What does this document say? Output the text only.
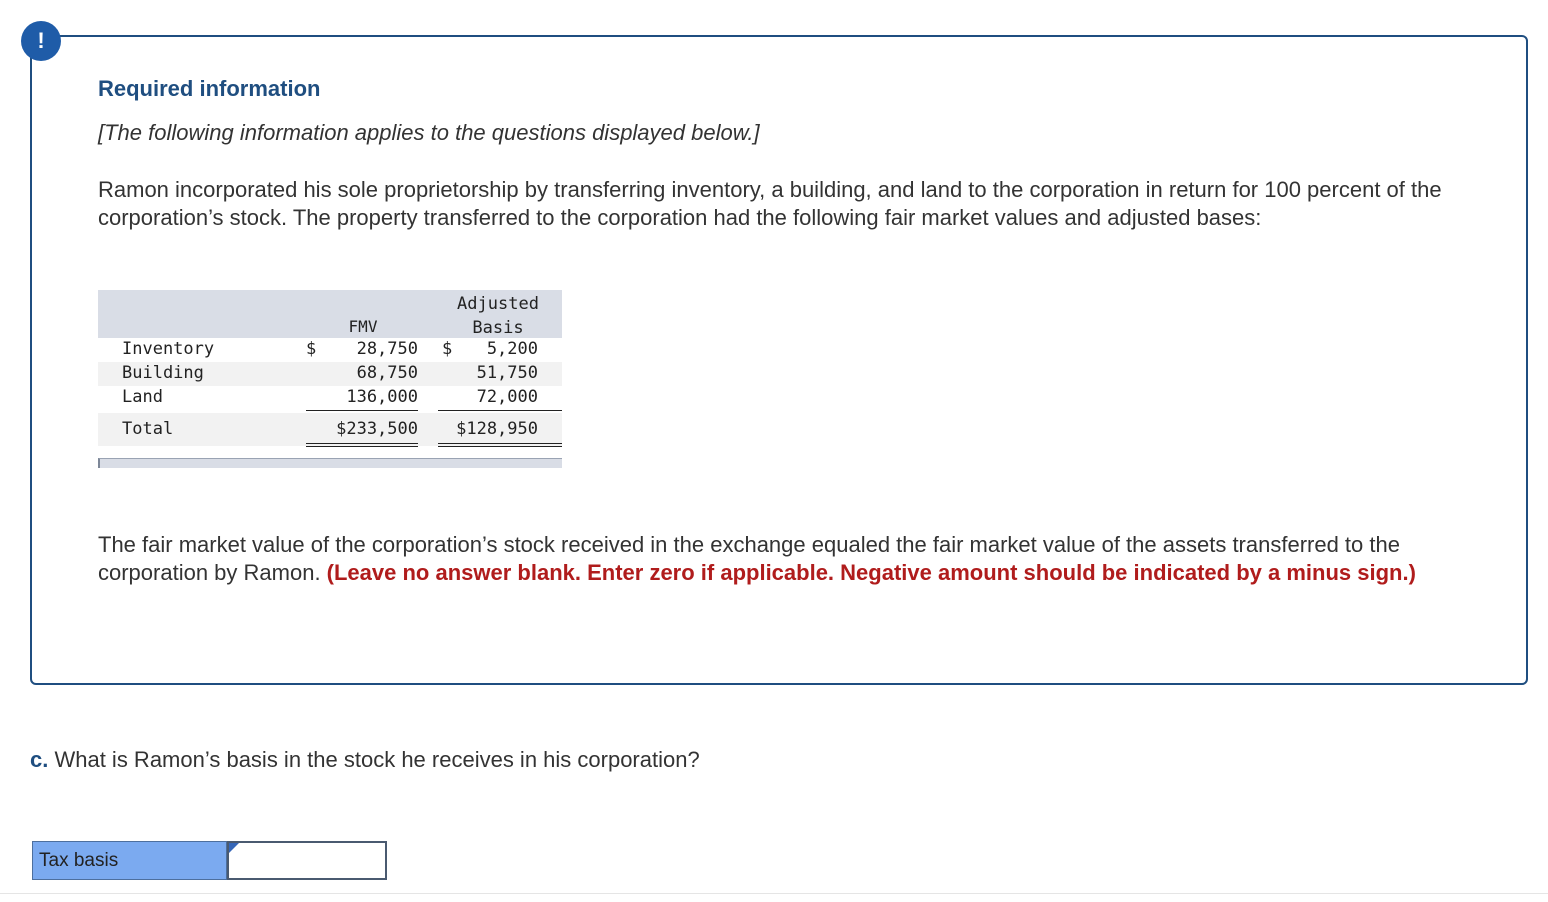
!
Required information
[The following information applies to the questions displayed below.]
Ramon incorporated his sole proprietorship by transferring inventory, a building, and land to the corporation in return for 100 percent of the corporation’s stock. The property transferred to the corporation had the following fair market values and adjusted bases:
FMV
Adjusted
Basis
Inventory	$ 28,750 $ 5,200
Building	68,750	51,750
Land	136,000	72,000
Total	$233,500 $128,950
The fair market value of the corporation’s stock received in the exchange equaled the fair market value of the assets transferred to the corporation by Ramon. (Leave no answer blank. Enter zero if applicable. Negative amount should be indicated by a minus sign.)
c. What is Ramon’s basis in the stock he receives in his corporation?
Tax basis
